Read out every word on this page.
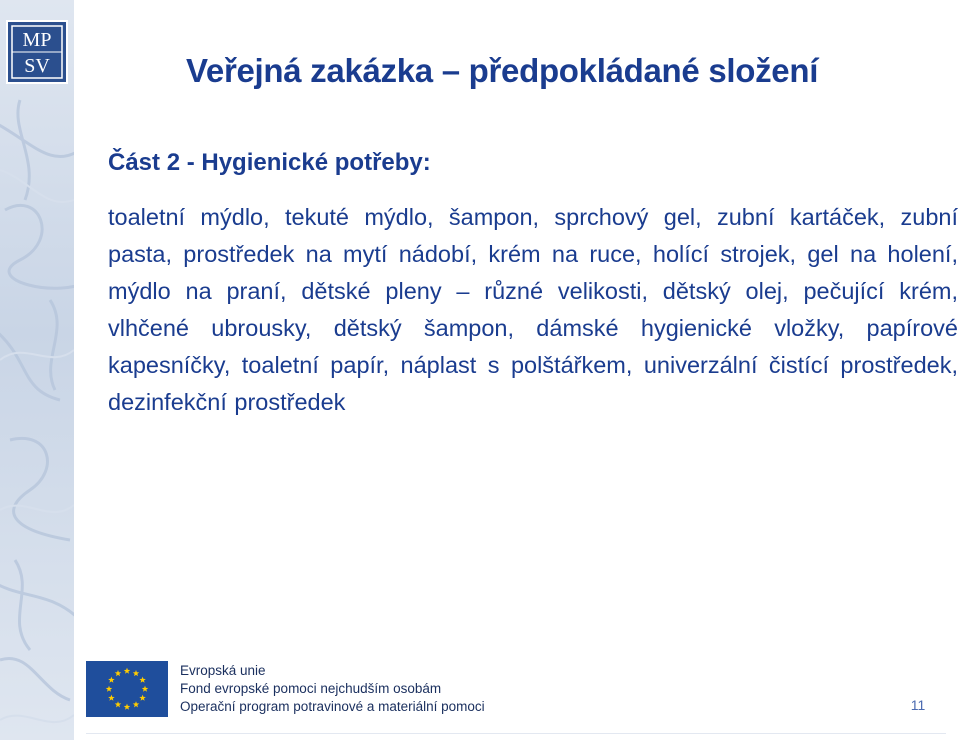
MP
SV	Veřejná zakázka – předpokládané složení
Část 2 - Hygienické potřeby:
toaletní mýdlo, tekuté mýdlo, šampon, sprchový gel, zubní kartáček, zubní pasta, prostředek na mytí nádobí, krém na ruce, holící strojek, gel na holení, mýdlo na praní, dětské pleny – různé velikosti, dětský olej, pečující krém, vlhčené ubrousky, dětský šampon, dámské hygienické vložky, papírové kapesníčky, toaletní papír, náplast s polštářkem, univerzální čistící prostředek, dezinfekční prostředek
Evropská unie
Fond evropské pomoci nejchudším osobám
Operační program potravinové a materiální pomoci	11
